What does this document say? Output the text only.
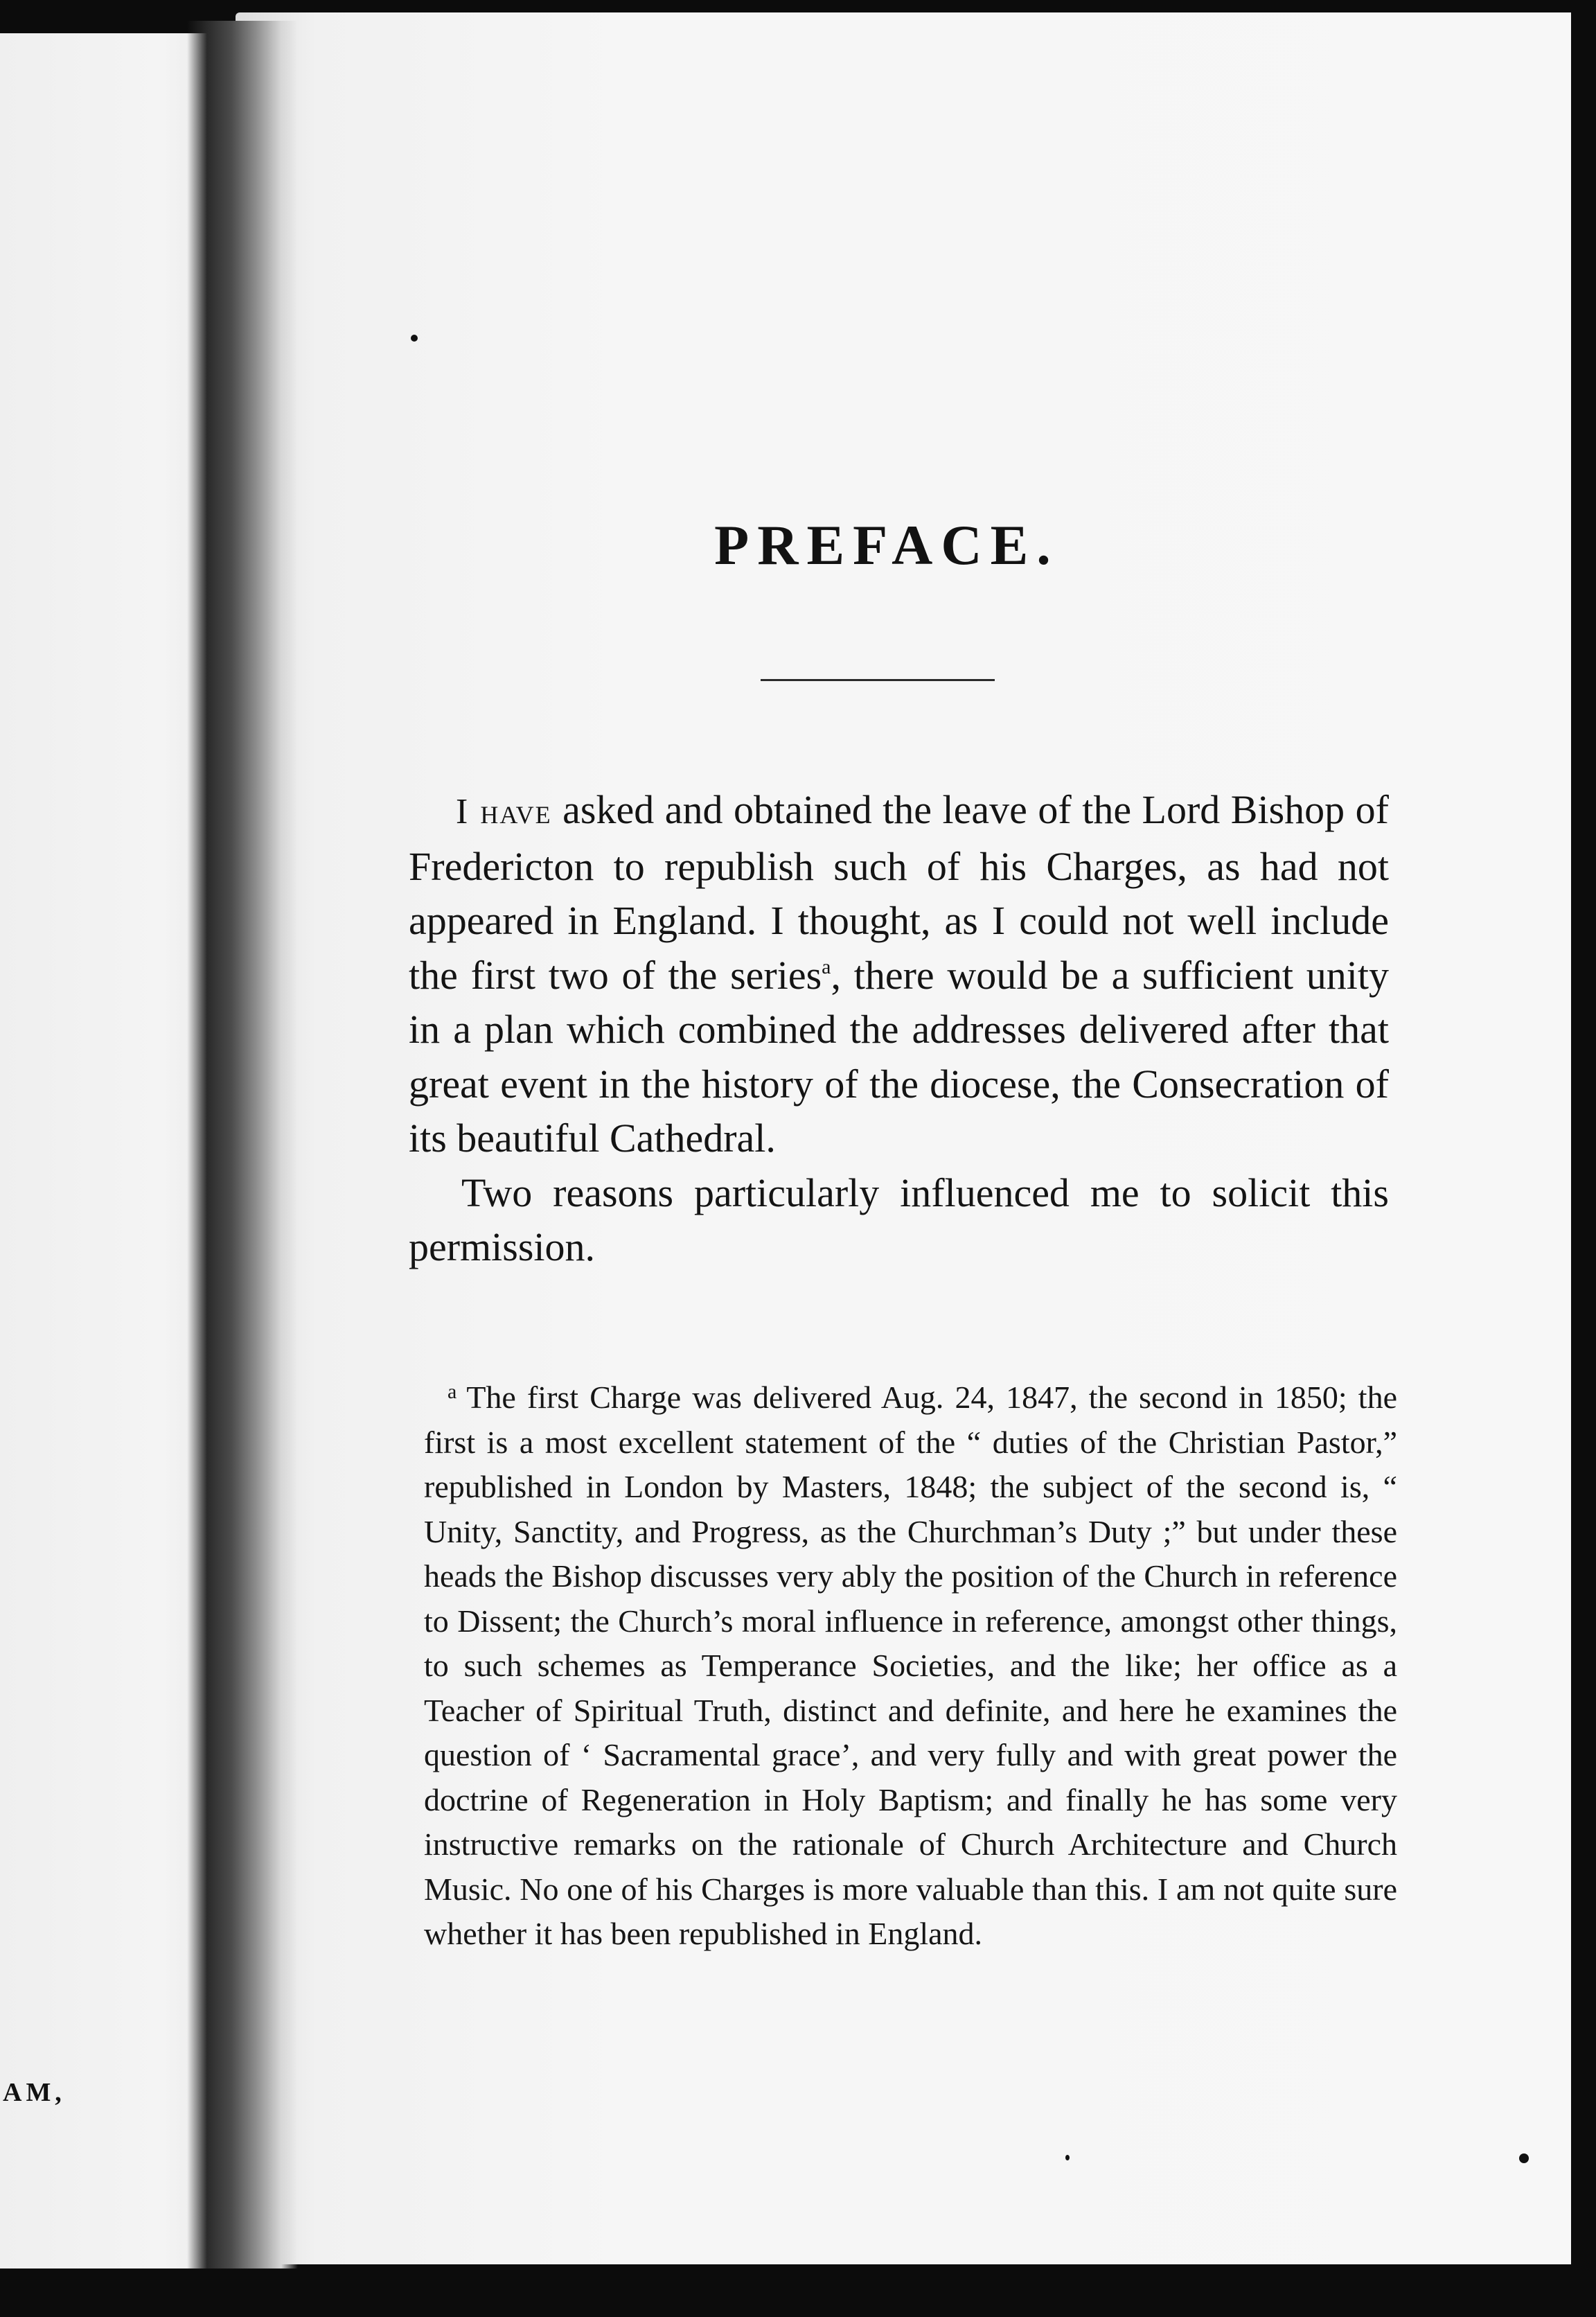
AM,
PREFACE.

I have asked and obtained the leave of the Lord Bishop of Fredericton to republish such of his Charges, as had not appeared in England. I thought, as I could not well include the first two of the series$^a$, there would be a sufficient unity in a plan which combined the addresses delivered after that great event in the history of the diocese, the Consecration of its beautiful Cathedral.

Two reasons particularly influenced me to solicit this permission.

$^a$ The first Charge was delivered Aug. 24, 1847, the second in 1850; the first is a most excellent statement of the “ duties of the Christian Pastor,” republished in London by Masters, 1848; the subject of the second is, “ Unity, Sanctity, and Progress, as the Churchman’s Duty ;” but under these heads the Bishop discusses very ably the position of the Church in reference to Dissent; the Church’s moral influence in reference, amongst other things, to such schemes as Temperance Societies, and the like; her office as a Teacher of Spiritual Truth, distinct and definite, and here he examines the question of ‘ Sacramental grace’, and very fully and with great power the doctrine of Regeneration in Holy Baptism; and finally he has some very instructive remarks on the rationale of Church Architecture and Church Music. No one of his Charges is more valuable than this. I am not quite sure whether it has been republished in England.
